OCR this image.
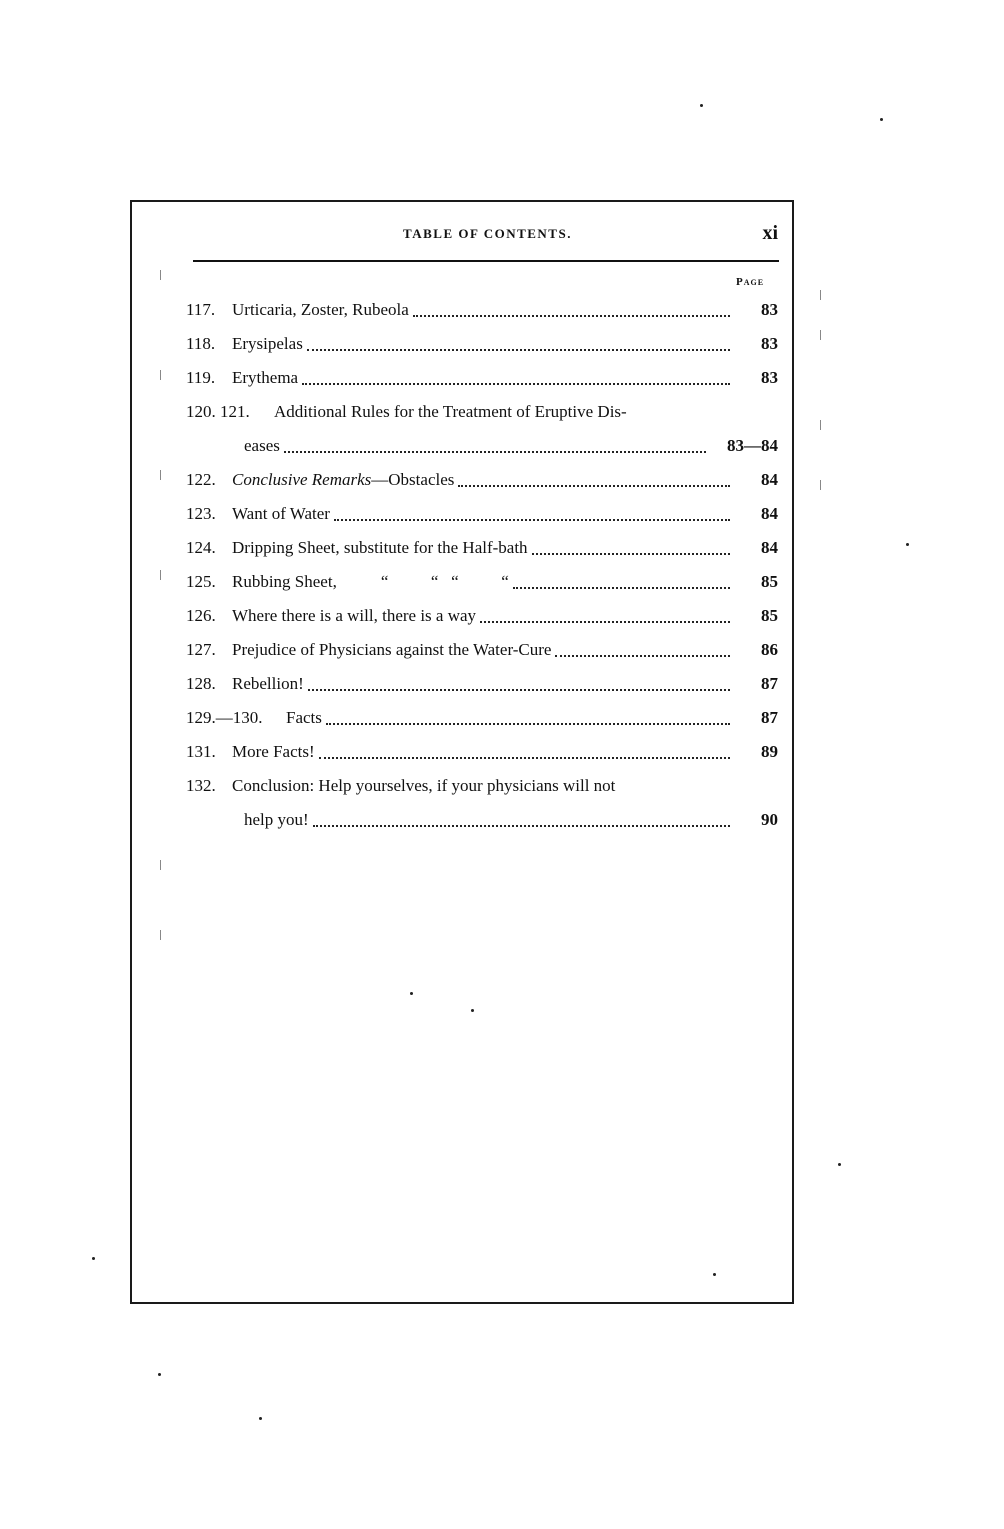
TABLE OF CONTENTS.	xi
Page
117. Urticaria, Zoster, Rubeola	83
118. Erysipelas	83
119. Erythema	83
120. 121.	Additional Rules for the Treatment of Eruptive Dis-
eases	83—84
122. Conclusive Remarks —Obstacles	84
123. Want of Water	84
124. Dripping Sheet, substitute for the Half-bath	84
125. Rubbing Sheet,	“          “   “          “	85
126. Where there is a will, there is a way	85
127. Prejudice of Physicians against the Water-Cure	86
128. Rebellion!	87
129.—130.	Facts	87
131. More Facts!	89
132. Conclusion: Help yourselves, if your physicians will not
help you!	90
